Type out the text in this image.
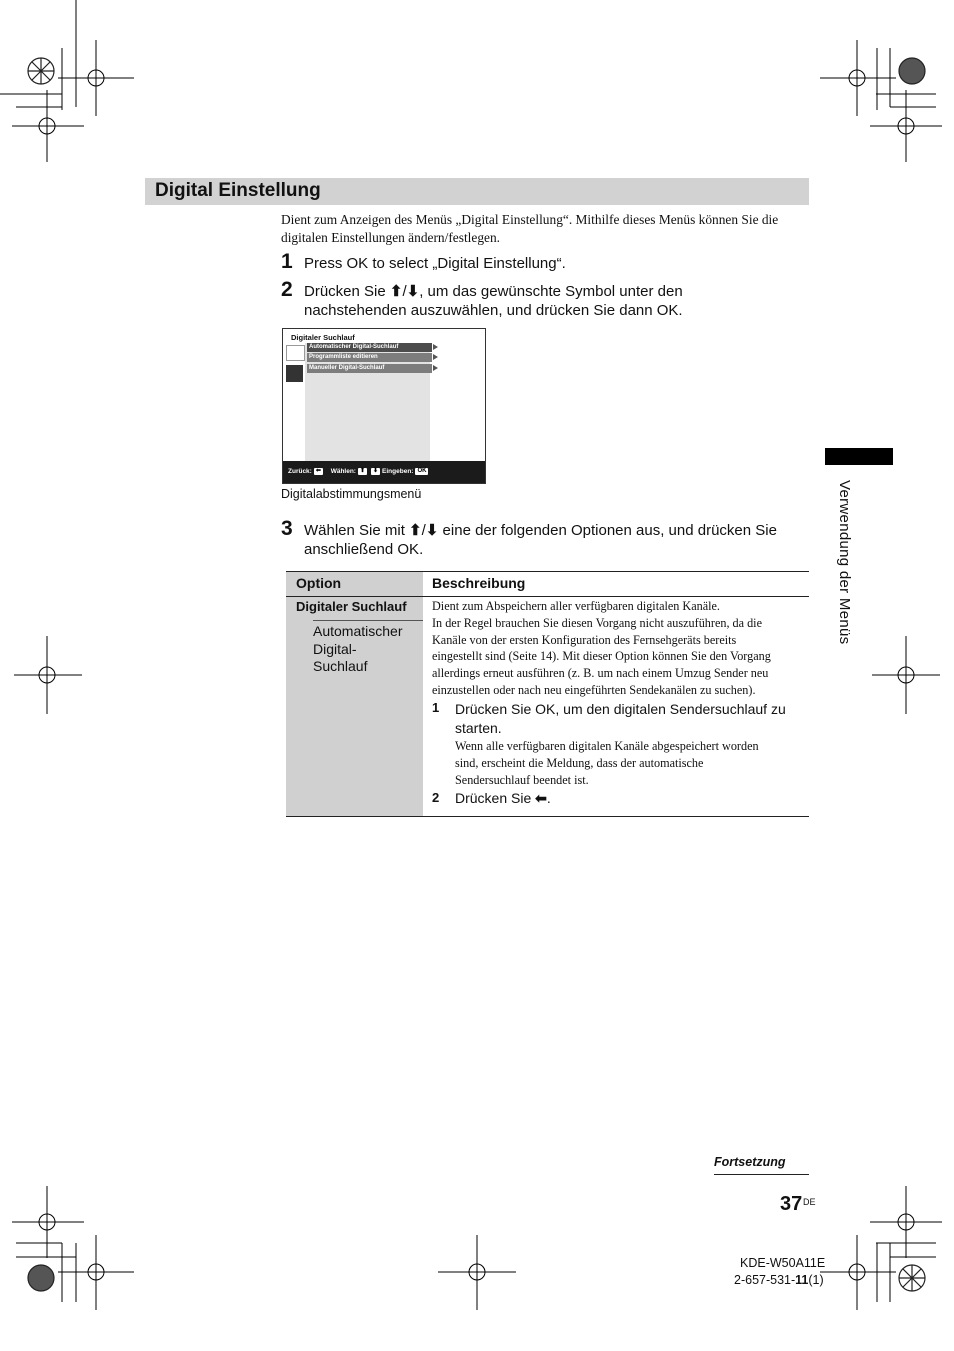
Digital Einstellung
Dient zum Anzeigen des Menüs „Digital Einstellung“. Mithilfe dieses Menüs können Sie die digitalen Einstellungen ändern/festlegen.
1 Press OK to select „Digital Einstellung“.
2 Drücken Sie ⬆/⬇, um das gewünschte Symbol unter den
nachstehenden auszuwählen, und drücken Sie dann OK.
Digitaler Suchlauf
Automatischer Digital-Suchlauf
Programmliste editieren
Manueller Digital-Suchlauf
Zurück: ⬅ Wählen: ⬆ ⬇ Eingeben: OK
Digitalabstimmungsmenü
3 Wählen Sie mit ⬆/⬇ eine der folgenden Optionen aus, und drücken Sie
anschließend OK.
Option	Beschreibung
Digitaler Suchlauf
Automatischer
Digital-
Suchlauf
Dient zum Abspeichern aller verfügbaren digitalen Kanäle.
In der Regel brauchen Sie diesen Vorgang nicht auszuführen, da die
Kanäle von der ersten Konfiguration des Fernsehgeräts bereits
eingestellt sind (Seite 14). Mit dieser Option können Sie den Vorgang
allerdings erneut ausführen (z. B. um nach einem Umzug Sender neu
einzustellen oder nach neu eingeführten Sendekanälen zu suchen).
1 Drücken Sie OK, um den digitalen Sendersuchlauf zu
starten.
Wenn alle verfügbaren digitalen Kanäle abgespeichert worden
sind, erscheint die Meldung, dass der automatische
Sendersuchlauf beendet ist.
2 Drücken Sie ⬅.
Verwendung der Menüs
Fortsetzung
37 DE
KDE-W50A11E
2-657-531-11(1)
